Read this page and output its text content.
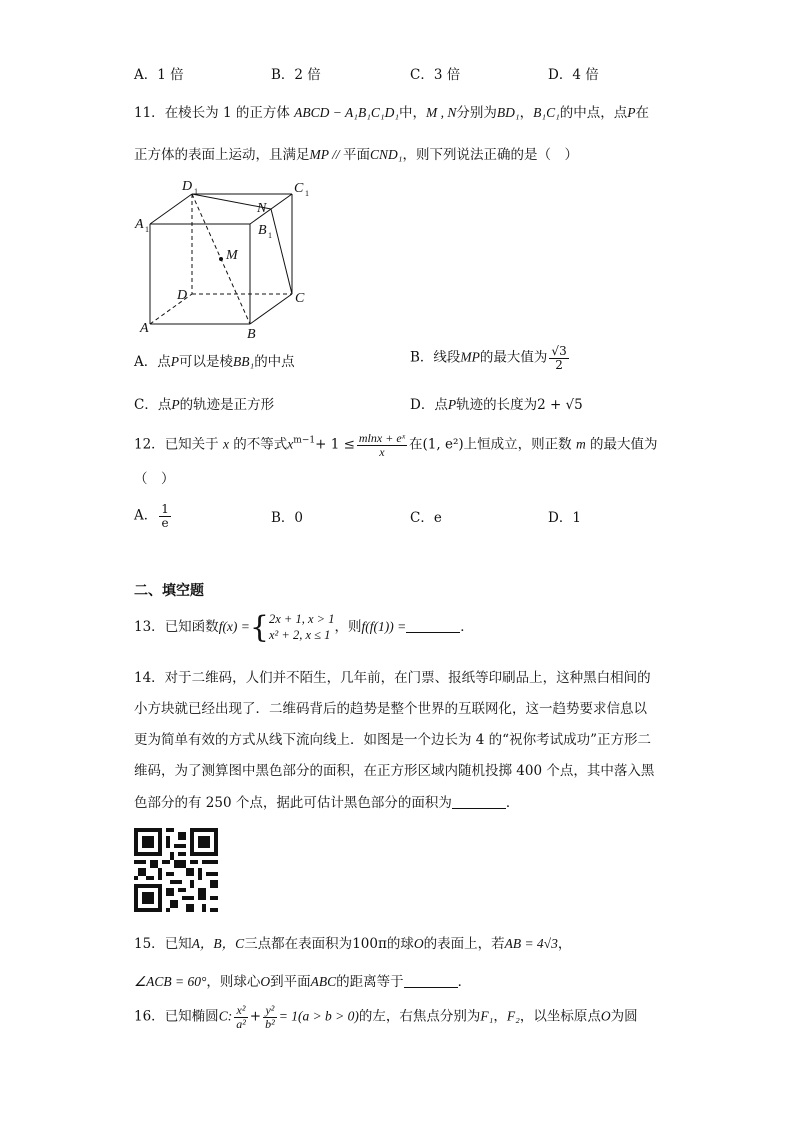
A．1 倍	B．2 倍	C．3 倍	D．4 倍
11．在棱长为 1 的正方体 ABCD − A₁B₁C₁D₁中，M , N分别为BD₁，B₁C₁的中点，点P在
正方体的表面上运动，且满足MP // 平面CND₁，则下列说法正确的是（　）
D 1	C 1
A 1
N
B 1
M
D	C
A	B
A．点P可以是棱BB₁的中点	B．线段MP的最大值为 $\frac{√3}{2}$
C．点P的轨迹是正方形	D．点P轨迹的长度为2 + √5
12．已知关于 x 的不等式$x^{m-1}+ 1 \le \frac{\text{mlnx + eˣ}}{x}$ 在(1, e²)上恒成立，则正数 m 的最大值为
（　）
A． $\frac{1}{e}$	B．0	C．e	D．1
二、填空题
13．已知函数f(x) ={ 2x + 1, x > 1
x² + 2, x ≤ 1 ，则f(f(1)) =	．
14．对于二维码，人们并不陌生，几年前，在门票、报纸等印刷品上，这种黑白相间的
小方块就已经出现了．二维码背后的趋势是整个世界的互联网化，这一趋势要求信息以
更为简单有效的方式从线下流向线上．如图是一个边长为 4 的“祝你考试成功”正方形二
维码，为了测算图中黑色部分的面积，在正方形区域内随机投掷 400 个点，其中落入黑
色部分的有 250 个点，据此可估计黑色部分的面积为	．
15．已知A，B，C三点都在表面积为100π的球O的表面上，若AB = 4√3，
∠ACB = 60°，则球心O到平面ABC的距离等于	．
16．已知椭圆C: $\frac{\text{x²}}{\text{a²}} + \frac{\text{y²}}{\text{b²}} = 1(a > b > 0)$的左，右焦点分别为F₁，F₂，以坐标原点O为圆
